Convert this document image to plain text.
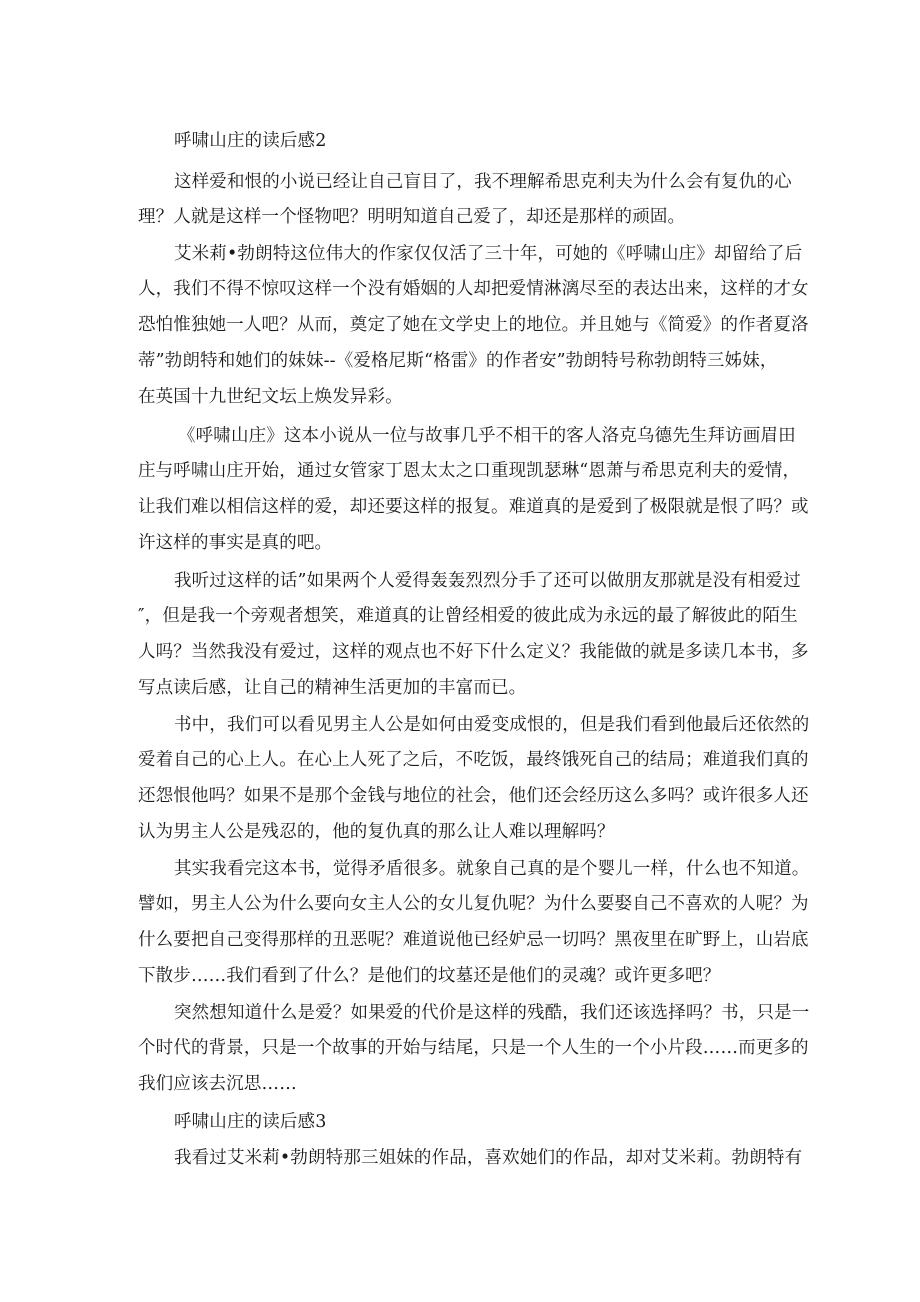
呼啸山庄的读后感2
这样爱和恨的小说已经让自己盲目了，我不理解希思克利夫为什么会有复仇的心
理？人就是这样一个怪物吧？明明知道自己爱了，却还是那样的顽固。
艾米莉•勃朗特这位伟大的作家仅仅活了三十年，可她的《呼啸山庄》却留给了后
人，我们不得不惊叹这样一个没有婚姻的人却把爱情淋漓尽至的表达出来，这样的才女
恐怕惟独她一人吧？从而，奠定了她在文学史上的地位。并且她与《简爱》的作者夏洛
蒂”勃朗特和她们的妹妹--《爱格尼斯“格雷》的作者安”勃朗特号称勃朗特三姊妹，
在英国十九世纪文坛上焕发异彩。
《呼啸山庄》这本小说从一位与故事几乎不相干的客人洛克乌德先生拜访画眉田
庄与呼啸山庄开始，通过女管家丁恩太太之口重现凯瑟琳“恩萧与希思克利夫的爱情，
让我们难以相信这样的爱，却还要这样的报复。难道真的是爱到了极限就是恨了吗？或
许这样的事实是真的吧。
我听过这样的话”如果两个人爱得轰轰烈烈分手了还可以做朋友那就是没有相爱过
″，但是我一个旁观者想笑，难道真的让曾经相爱的彼此成为永远的最了解彼此的陌生
人吗？当然我没有爱过，这样的观点也不好下什么定义？我能做的就是多读几本书，多
写点读后感，让自己的精神生活更加的丰富而已。
书中，我们可以看见男主人公是如何由爱变成恨的，但是我们看到他最后还依然的
爱着自己的心上人。在心上人死了之后，不吃饭，最终饿死自己的结局；难道我们真的
还怨恨他吗？如果不是那个金钱与地位的社会，他们还会经历这么多吗？或许很多人还
认为男主人公是残忍的，他的复仇真的那么让人难以理解吗？
其实我看完这本书，觉得矛盾很多。就象自己真的是个婴儿一样，什么也不知道。
譬如，男主人公为什么要向女主人公的女儿复仇呢？为什么要娶自己不喜欢的人呢？为
什么要把自己变得那样的丑恶呢？难道说他已经妒忌一切吗？黑夜里在旷野上，山岩底
下散步……我们看到了什么？是他们的坟墓还是他们的灵魂？或许更多吧？
突然想知道什么是爱？如果爱的代价是这样的残酷，我们还该选择吗？书，只是一
个时代的背景，只是一个故事的开始与结尾，只是一个人生的一个小片段……而更多的
我们应该去沉思……
呼啸山庄的读后感3
我看过艾米莉•勃朗特那三姐妹的作品，喜欢她们的作品，却对艾米莉。勃朗特有
